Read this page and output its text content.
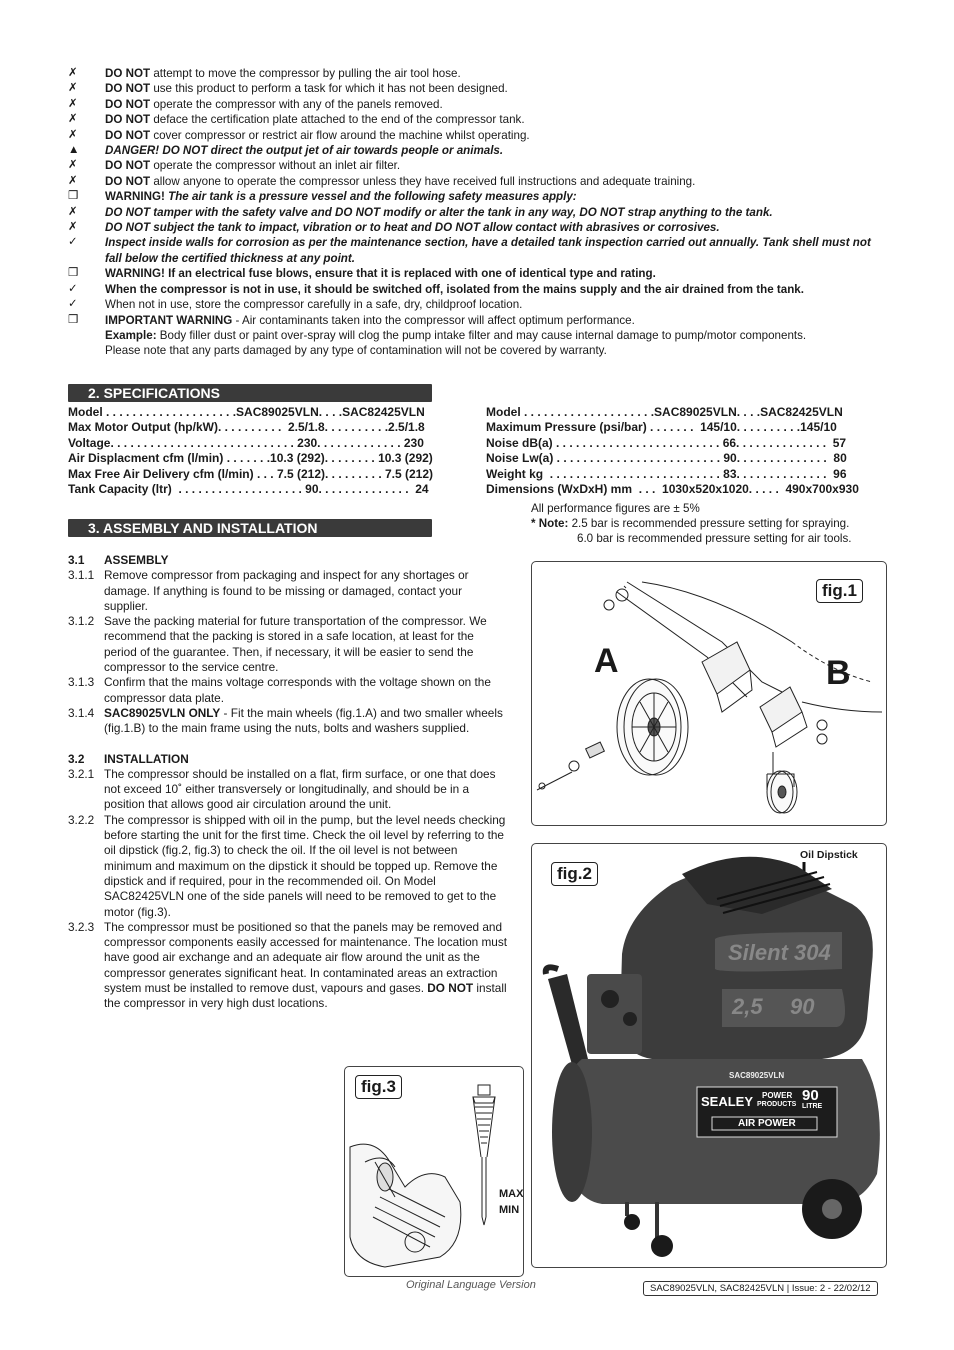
✗	DO NOT attempt to move the compressor by pulling the air tool hose.
✗	DO NOT use this product to perform a task for which it has not been designed.
✗	DO NOT operate the compressor with any of the panels removed.
✗	DO NOT deface the certification plate attached to the end of the compressor tank.
✗	DO NOT cover compressor or restrict air flow around the machine whilst operating.
▲	DANGER! DO NOT direct the output jet of air towards people or animals.
✗	DO NOT operate the compressor without an inlet air filter.
✗	DO NOT allow anyone to operate the compressor unless they have received full instructions and adequate training.
❒	WARNING! The air tank is a pressure vessel and the following safety measures apply:
✗	DO NOT tamper with the safety valve and DO NOT modify or alter the tank in any way, DO NOT strap anything to the tank.
✗	DO NOT subject the tank to impact, vibration or to heat and DO NOT allow contact with abrasives or corrosives.
✓	Inspect inside walls for corrosion as per the maintenance section, have a detailed tank inspection carried out annually. Tank shell must not fall below the certified thickness at any point.
❒	WARNING! If an electrical fuse blows, ensure that it is replaced with one of identical type and rating.
✓	When the compressor is not in use, it should be switched off, isolated from the mains supply and the air drained from the tank.
✓	When not in use, store the compressor carefully in a safe, dry, childproof location.
❒	IMPORTANT WARNING - Air contaminants taken into the compressor will affect optimum performance.
Example: Body filler dust or paint over-spray will clog the pump intake filter and may cause internal damage to pump/motor components.
Please note that any parts damaged by any type of contamination will not be covered by warranty.
2. SPECIFICATIONS
Model . . . . . . . . . . . . . . . . . . . .SAC89025VLN. . . .SAC82425VLN
Max Motor Output (hp/kW). . . . . . . . . .  2.5/1.8. . . . . . . . . .2.5/1.8
Voltage. . . . . . . . . . . . . . . . . . . . . . . . . . . . 230. . . . . . . . . . . . . 230
Air Displacment cfm (l/min) . . . . . . .10.3 (292). . . . . . . . 10.3 (292)
Max Free Air Delivery cfm (l/min) . . . 7.5 (212). . . . . . . . . 7.5 (212)
Tank Capacity (ltr)  . . . . . . . . . . . . . . . . . . . 90. . . . . . . . . . . . . .  24
Model . . . . . . . . . . . . . . . . . . . .SAC89025VLN. . . .SAC82425VLN
Maximum Pressure (psi/bar) . . . . . . .  145/10. . . . . . . . . .145/10
Noise dB(a) . . . . . . . . . . . . . . . . . . . . . . . . . 66. . . . . . . . . . . . . .  57
Noise Lw(a) . . . . . . . . . . . . . . . . . . . . . . . . . 90. . . . . . . . . . . . . .  80
Weight kg  . . . . . . . . . . . . . . . . . . . . . . . . . . 83. . . . . . . . . . . . . .  96
Dimensions (WxDxH) mm  . . .  1030x520x1020. . . . .  490x700x930
All performance figures are ± 5%
* Note: 2.5 bar is recommended pressure setting for spraying.
6.0 bar is recommended pressure setting for air tools.
3. ASSEMBLY AND INSTALLATION
3.1	ASSEMBLY
3.1.1 Remove compressor from packaging and inspect for any shortages or damage. If anything is found to be missing or damaged, contact your supplier.
3.1.2 Save the packing material for future transportation of the compressor. We recommend that the packing is stored in a safe location, at least for the period of the guarantee. Then, if necessary, it will be easier to send the compressor to the service centre.
3.1.3 Confirm that the mains voltage corresponds with the voltage shown on the compressor data plate.
3.1.4 SAC89025VLN ONLY - Fit the main wheels (fig.1.A) and two smaller wheels (fig.1.B) to the main frame using the nuts, bolts and washers supplied.
3.2	INSTALLATION
3.2.1 The compressor should be installed on a flat, firm surface, or one that does not exceed 10˚ either transversely or longitudinally, and should be in a position that allows good air circulation around the unit.
3.2.2 The compressor is shipped with oil in the pump, but the level needs checking before starting the unit for the first time. Check the oil level by referring to the oil dipstick (fig.2, fig.3) to check the oil. If the oil level is not between minimum and maximum on the dipstick it should be topped up. Remove the dipstick and if required, pour in the recommended oil. On Model SAC82425VLN one of the side panels will need to be removed to get to the motor (fig.3).
3.2.3 The compressor must be positioned so that the panels may be removed and compressor components easily accessed for maintenance. The location must have good air exchange and an adequate air flow around the unit as the compressor generates significant heat. In contaminated areas an extraction system must be installed to remove dust, vapours and gases. DO NOT install the compressor in very high dust locations.
fig.1
A	B
fig.2
Oil Dipstick
Silent 304
2,5 90
SAC89025VLN
SEALEY POWER
PRODUCTS
90
LITRE
AIR POWER
fig.3
MAX
MIN
Original Language Version	SAC89025VLN, SAC82425VLN | Issue: 2 - 22/02/12
